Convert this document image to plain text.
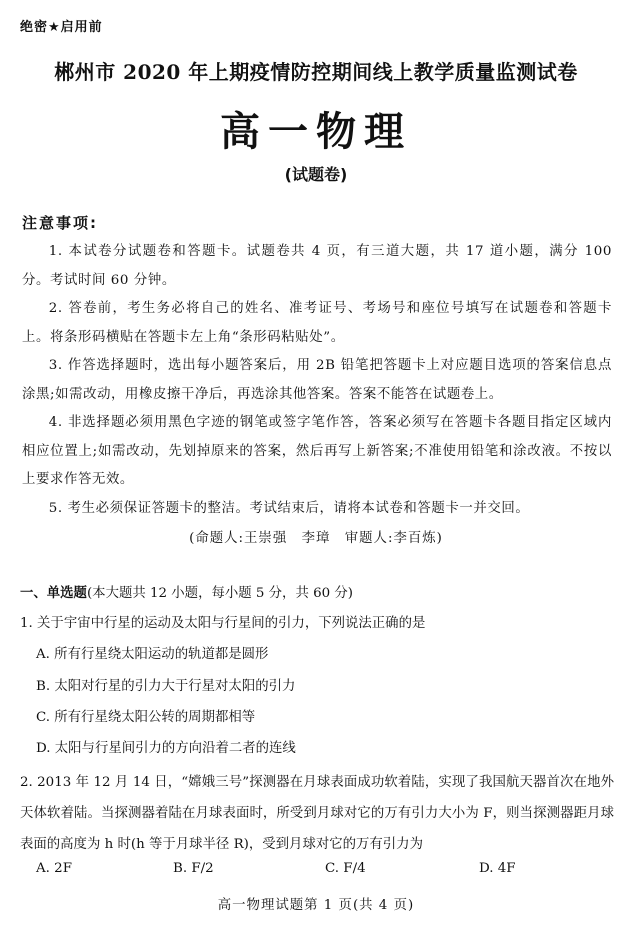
绝密★启用前
郴州市 2020 年上期疫情防控期间线上教学质量监测试卷
高一物理
(试题卷)
注意事项:

1. 本试卷分试题卷和答题卡。试题卷共 4 页，有三道大题，共 17 道小题，满分 100 分。考试时间 60 分钟。

2. 答卷前，考生务必将自己的姓名、准考证号、考场号和座位号填写在试题卷和答题卡上。将条形码横贴在答题卡左上角“条形码粘贴处”。

3. 作答选择题时，选出每小题答案后，用 2B 铅笔把答题卡上对应题目选项的答案信息点涂黑;如需改动，用橡皮擦干净后，再选涂其他答案。答案不能答在试题卷上。

4. 非选择题必须用黑色字迹的钢笔或签字笔作答，答案必须写在答题卡各题目指定区域内相应位置上;如需改动，先划掉原来的答案，然后再写上新答案;不准使用铅笔和涂改液。不按以上要求作答无效。

5. 考生必须保证答题卡的整洁。考试结束后，请将本试卷和答题卡一并交回。

(命题人:王崇强　李璋　审题人:李百炼)
一、单选题(本大题共 12 小题，每小题 5 分，共 60 分)
1. 关于宇宙中行星的运动及太阳与行星间的引力，下列说法正确的是
A. 所有行星绕太阳运动的轨道都是圆形
B. 太阳对行星的引力大于行星对太阳的引力
C. 所有行星绕太阳公转的周期都相等
D. 太阳与行星间引力的方向沿着二者的连线
2. 2013 年 12 月 14 日，“嫦娥三号”探测器在月球表面成功软着陆，实现了我国航天器首次在地外天体软着陆。当探测器着陆在月球表面时，所受到月球对它的万有引力大小为 F，则当探测器距月球表面的高度为 h 时(h 等于月球半径 R)，受到月球对它的万有引力为
A. 2F	B. F/2	C. F/4	D. 4F
高一物理试题第 1 页(共 4 页)
